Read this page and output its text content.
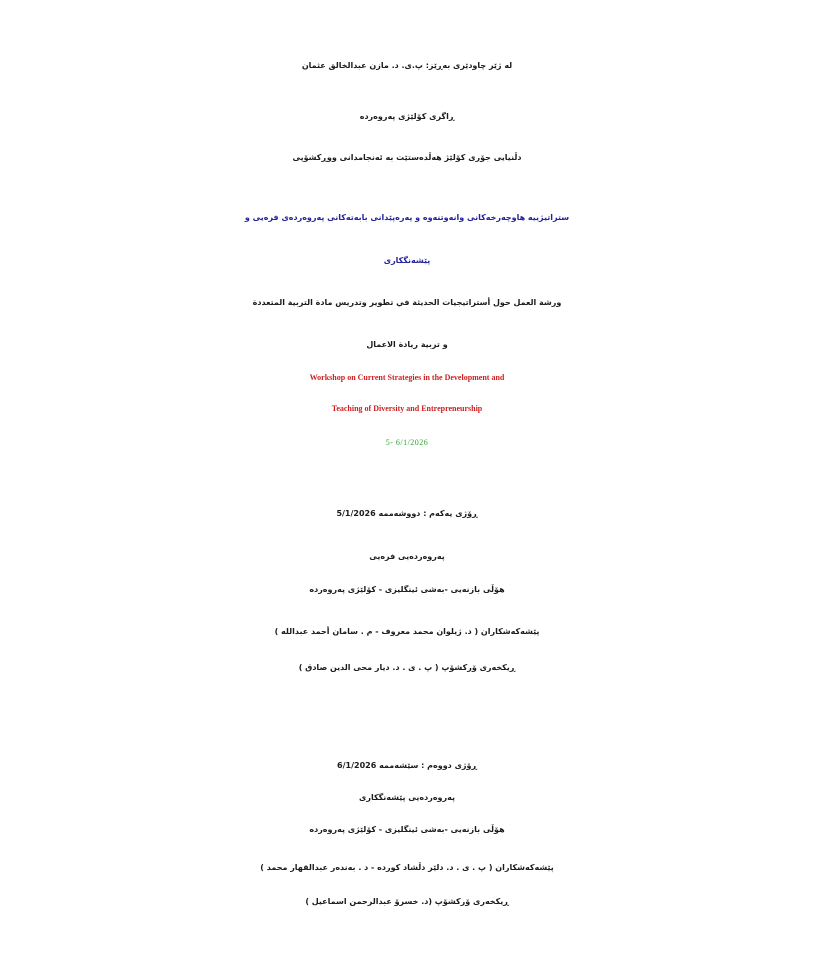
لە ژێر چاودێری بەڕێز: پ.ی. د. مازن عبدالخالق عثمان
ڕاگری کۆلێژی پەروەردە
دڵنیایی جۆری کۆلێژ هەڵدەستێت بە ئەنجامدانی ووڕکشۆپی
ستراتیژییە هاوچەرخەکانی وانەوتنەوە و پەرەپێدانی بابەتەکانی پەروەردەی فرەیی و
پێشەنگکاری
ورشة العمل حول أستراتيجيات الحديثة في تطوير وتدريس مادة التربية المتعددة
و تربية ريادة الاعمال
Workshop on Current Strategies in the Development and
Teaching of Diversity and Entrepreneurship
5- 6/1/2026
ڕۆژی یەکەم : دووشەممە 5/1/2026
پەروەردەیی فرەیی
هۆڵی بازنەیی -بەشی ئینگلیزی - کۆلێژی پەروەردە
پێشەکەشکاران ( د. ژیلوان محمد معروف - م . سامان أحمد عبدالله )
ڕیکخەری ۆرکشۆپ ( پ . ی . د. دیار محی الدین صادق )
ڕۆژی دووەم : سێشەممە 6/1/2026
پەروەردەیی پێشەنگکاری
هۆڵی بازنەیی -بەشی ئینگلیزی - کۆلێژی پەروەردە
پێشەکەشکاران ( پ . ی . د. دلێر دڵشاد کوردە - د . بەندەر عبدالقهار محمد )
ڕیکخەری ۆرکشۆپ (د. خسرۆ عبدالرحمن اسماعیل )
